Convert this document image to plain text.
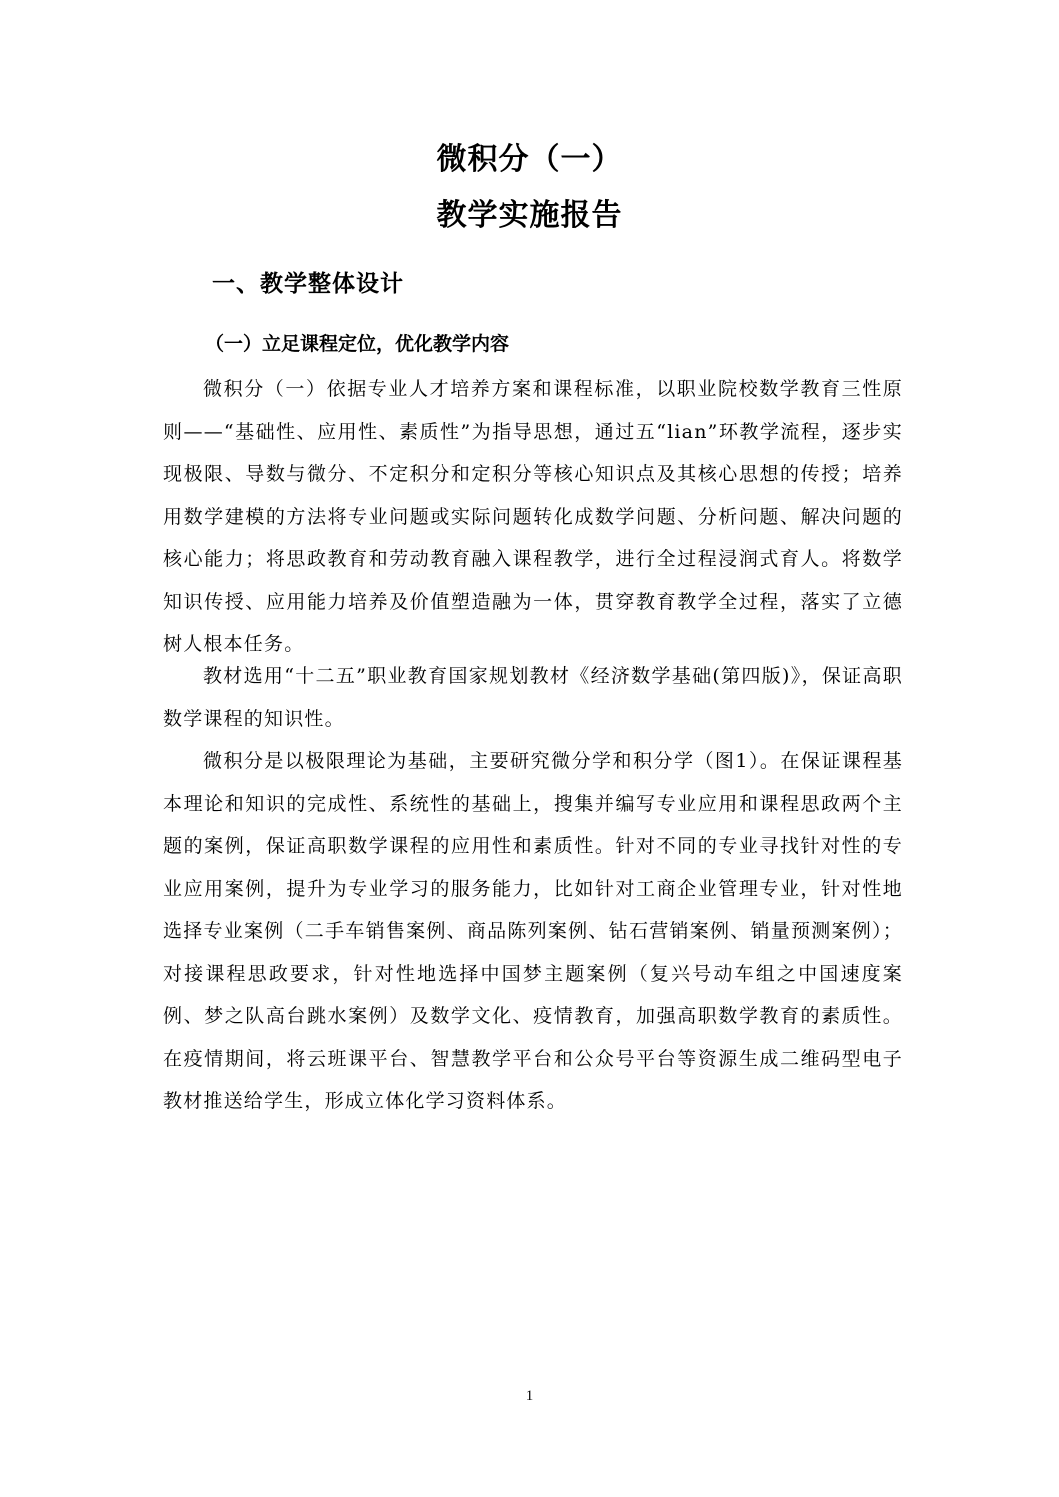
微积分（一）
教学实施报告
一、教学整体设计
（一）立足课程定位，优化教学内容

微积分（一）依据专业人才培养方案和课程标准，以职业院校数学教育三性原则——“基础性、应用性、素质性”为指导思想，通过五“lian”环教学流程，逐步实现极限、导数与微分、不定积分和定积分等核心知识点及其核心思想的传授；培养用数学建模的方法将专业问题或实际问题转化成数学问题、分析问题、解决问题的核心能力；将思政教育和劳动教育融入课程教学，进行全过程浸润式育人。将数学知识传授、应用能力培养及价值塑造融为一体，贯穿教育教学全过程，落实了立德树人根本任务。

教材选用“十二五”职业教育国家规划教材《经济数学基础(第四版)》，保证高职数学课程的知识性。

微积分是以极限理论为基础，主要研究微分学和积分学（图1）。在保证课程基本理论和知识的完成性、系统性的基础上，搜集并编写专业应用和课程思政两个主题的案例，保证高职数学课程的应用性和素质性。针对不同的专业寻找针对性的专业应用案例，提升为专业学习的服务能力，比如针对工商企业管理专业，针对性地选择专业案例（二手车销售案例、商品陈列案例、钻石营销案例、销量预测案例）；对接课程思政要求，针对性地选择中国梦主题案例（复兴号动车组之中国速度案例、梦之队高台跳水案例）及数学文化、疫情教育，加强高职数学教育的素质性。在疫情期间，将云班课平台、智慧教学平台和公众号平台等资源生成二维码型电子教材推送给学生，形成立体化学习资料体系。

1
